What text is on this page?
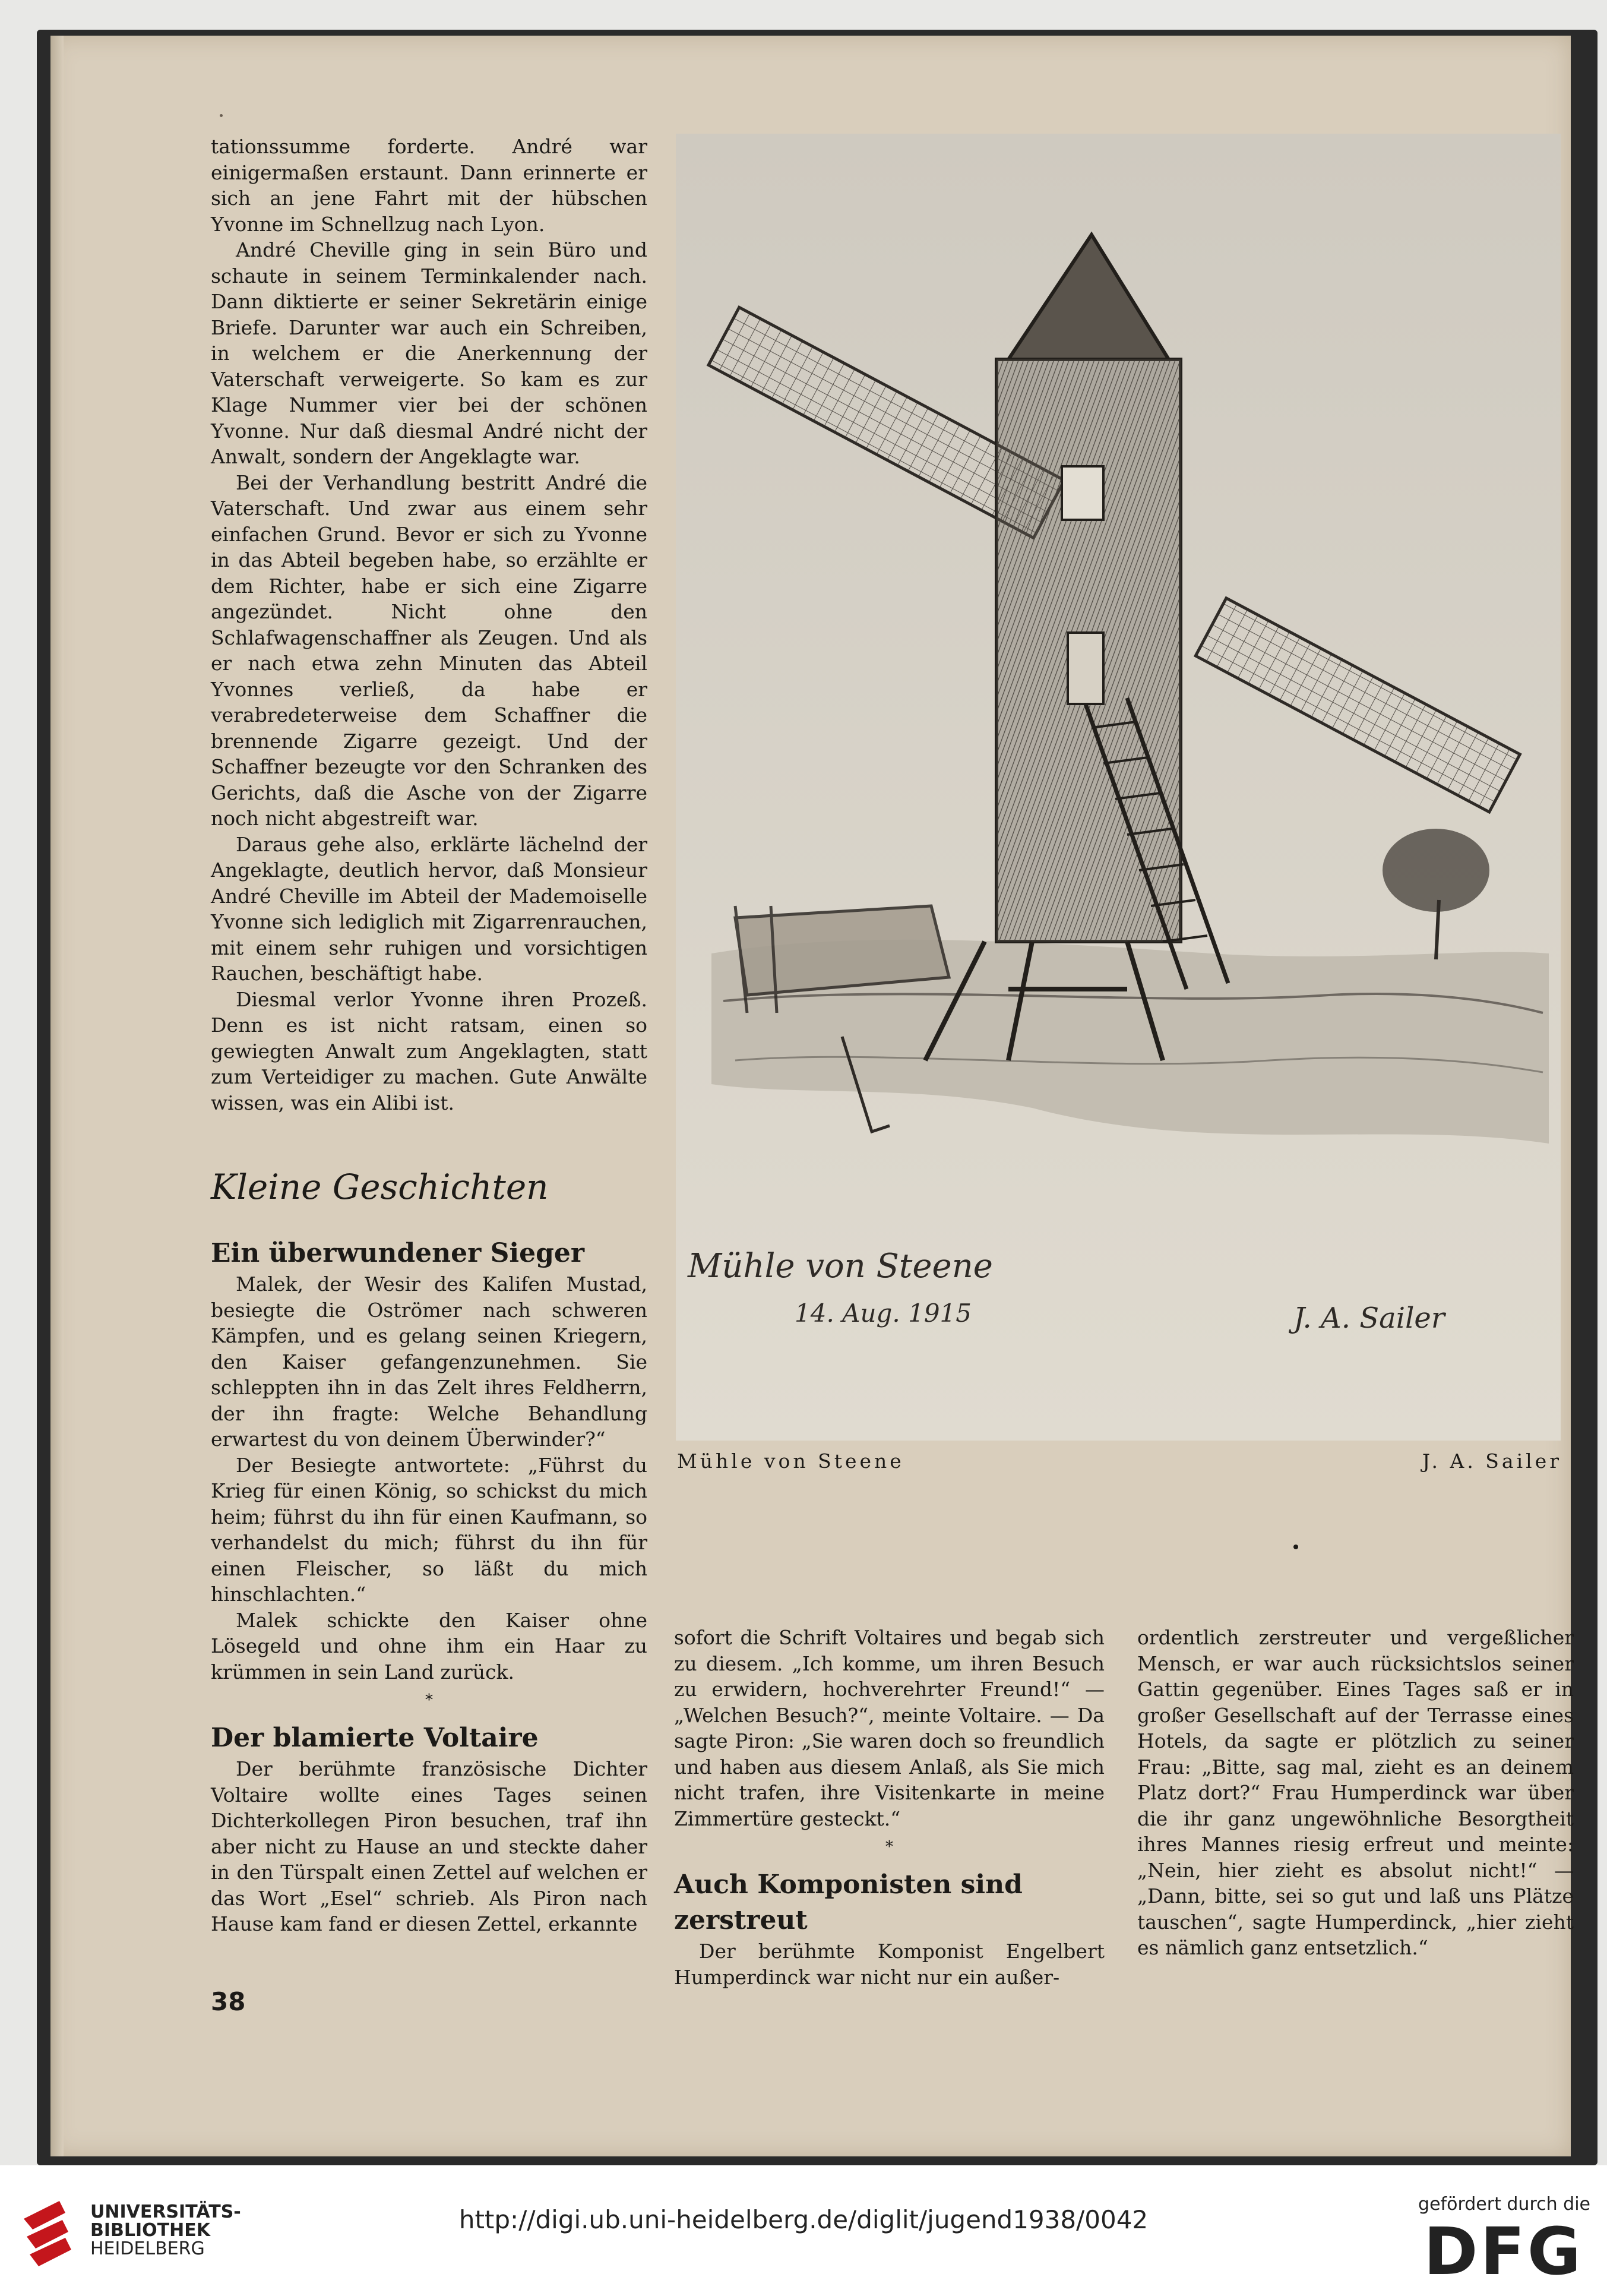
tationssumme forderte. André war einigermaßen erstaunt. Dann erinnerte er sich an jene Fahrt mit der hübschen Yvonne im Schnellzug nach Lyon.

André Cheville ging in sein Büro und schaute in seinem Terminkalender nach. Dann diktierte er seiner Sekretärin einige Briefe. Darunter war auch ein Schreiben, in welchem er die Anerkennung der Vaterschaft verweigerte. So kam es zur Klage Nummer vier bei der schönen Yvonne. Nur daß diesmal André nicht der Anwalt, sondern der Angeklagte war.

Bei der Verhandlung bestritt André die Vaterschaft. Und zwar aus einem sehr einfachen Grund. Bevor er sich zu Yvonne in das Abteil begeben habe, so erzählte er dem Richter, habe er sich eine Zigarre angezündet. Nicht ohne den Schlafwagenschaffner als Zeugen. Und als er nach etwa zehn Minuten das Abteil Yvonnes verließ, da habe er verabredeterweise dem Schaffner die brennende Zigarre gezeigt. Und der Schaffner bezeugte vor den Schranken des Gerichts, daß die Asche von der Zigarre noch nicht abgestreift war.

Daraus gehe also, erklärte lächelnd der Angeklagte, deutlich hervor, daß Monsieur André Cheville im Abteil der Mademoiselle Yvonne sich lediglich mit Zigarrenrauchen, mit einem sehr ruhigen und vorsichtigen Rauchen, beschäftigt habe.

Diesmal verlor Yvonne ihren Prozeß. Denn es ist nicht ratsam, einen so gewiegten Anwalt zum Angeklagten, statt zum Verteidiger zu machen. Gute Anwälte wissen, was ein Alibi ist.

Kleine Geschichten
Ein überwundener Sieger

Malek, der Wesir des Kalifen Mustad, besiegte die Oströmer nach schweren Kämpfen, und es gelang seinen Kriegern, den Kaiser gefangenzunehmen. Sie schleppten ihn in das Zelt ihres Feldherrn, der ihn fragte: Welche Behandlung erwartest du von deinem Überwinder?“

Der Besiegte antwortete: „Führst du Krieg für einen König, so schickst du mich heim; führst du ihn für einen Kaufmann, so verhandelst du mich; führst du ihn für einen Fleischer, so läßt du mich hinschlachten.“

Malek schickte den Kaiser ohne Lösegeld und ohne ihm ein Haar zu krümmen in sein Land zurück.

*
Der blamierte Voltaire

Der berühmte französische Dichter Voltaire wollte eines Tages seinen Dichterkollegen Piron besuchen, traf ihn aber nicht zu Hause an und steckte daher in den Türspalt einen Zettel auf welchen er das Wort „Esel“ schrieb. Als Piron nach Hause kam fand er diesen Zettel, erkannte

sofort die Schrift Voltaires und begab sich zu diesem. „Ich komme, um ihren Besuch zu erwidern, hochverehrter Freund!“ — „Welchen Besuch?“, meinte Voltaire. — Da sagte Piron: „Sie waren doch so freundlich und haben aus diesem Anlaß, als Sie mich nicht trafen, ihre Visitenkarte in meine Zimmertüre gesteckt.“

*
Auch Komponisten sind zerstreut

Der berühmte Komponist Engelbert Humperdinck war nicht nur ein außer-

ordentlich zerstreuter und vergeßlicher Mensch, er war auch rücksichtslos seiner Gattin gegenüber. Eines Tages saß er in großer Gesellschaft auf der Terrasse eines Hotels, da sagte er plötzlich zu seiner Frau: „Bitte, sag mal, zieht es an deinem Platz dort?“ Frau Humperdinck war über die ihr ganz ungewöhnliche Besorgtheit ihres Mannes riesig erfreut und meinte: „Nein, hier zieht es absolut nicht!“ — „Dann, bitte, sei so gut und laß uns Plätze tauschen“, sagte Humperdinck, „hier zieht es nämlich ganz entsetzlich.“

Mühle von Steene
14. Aug. 1915	J. A. Sailer
Mühle von Steene	J. A. Sailer
38
UNIVERSITÄTS-
BIBLIOTHEK
HEIDELBERG
http://digi.ub.uni-heidelberg.de/diglit/jugend1938/0042
gefördert durch die
DFG
